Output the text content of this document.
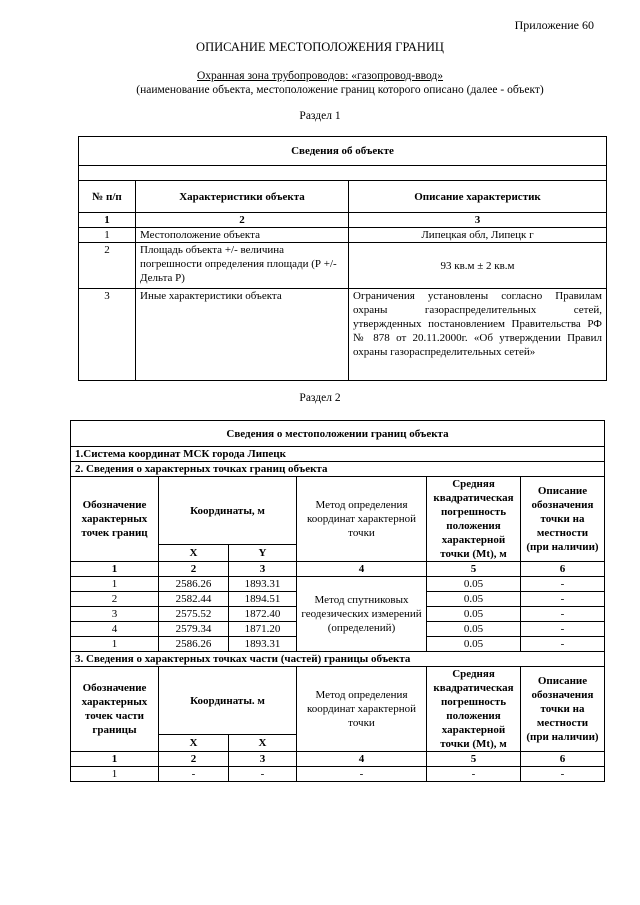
Приложение 60
ОПИСАНИЕ МЕСТОПОЛОЖЕНИЯ ГРАНИЦ
Охранная зона трубопроводов: «газопровод-ввод»
(наименование объекта, местоположение границ которого описано (далее - объект)
Раздел 1
Сведения об объекте		

№ п/п	Характеристики объекта	Описание характеристик
1	2	3
1	Местоположение объекта	Липецкая обл, Липецк г
2	Площадь объекта +/- величина погрешности определения площади (Р +/- Дельта Р)	93 кв.м ± 2 кв.м
3	Иные характеристики объекта	Ограничения установлены согласно Правилам охраны газораспределительных сетей, утвержденных постановлением Правительства РФ № 878 от 20.11.2000г. «Об утверждении Правил охраны газораспределительных сетей»
Раздел 2
Сведения о местоположении границ объекта					
1.Система координат МСК города Липецк					
2. Сведения о характерных точках границ объекта					
Обозначение характерных точек границ	Координаты, м		Метод определения координат характерной точки	Средняя квадратическая погрешность положения характерной точки (Mt), м	Описание обозначения точки на местности (при наличии)
	X	Y			
1	2	3	4	5	6
1	2586.26	1893.31	Метод спутниковых геодезических измерений (определений)	0.05	-
2	2582.44	1894.51		0.05	-
3	2575.52	1872.40		0.05	-
4	2579.34	1871.20		0.05	-
1	2586.26	1893.31		0.05	-
3. Сведения о характерных точках части (частей) границы объекта					
Обозначение характерных точек части границы	Координаты. м		Метод определения координат характерной точки	Средняя квадратическая погрешность положения характерной точки (Mt), м	Описание обозначения точки на местности (при наличии)
	X	X			
1	2	3	4	5	6
1	-	-	-	-	-
